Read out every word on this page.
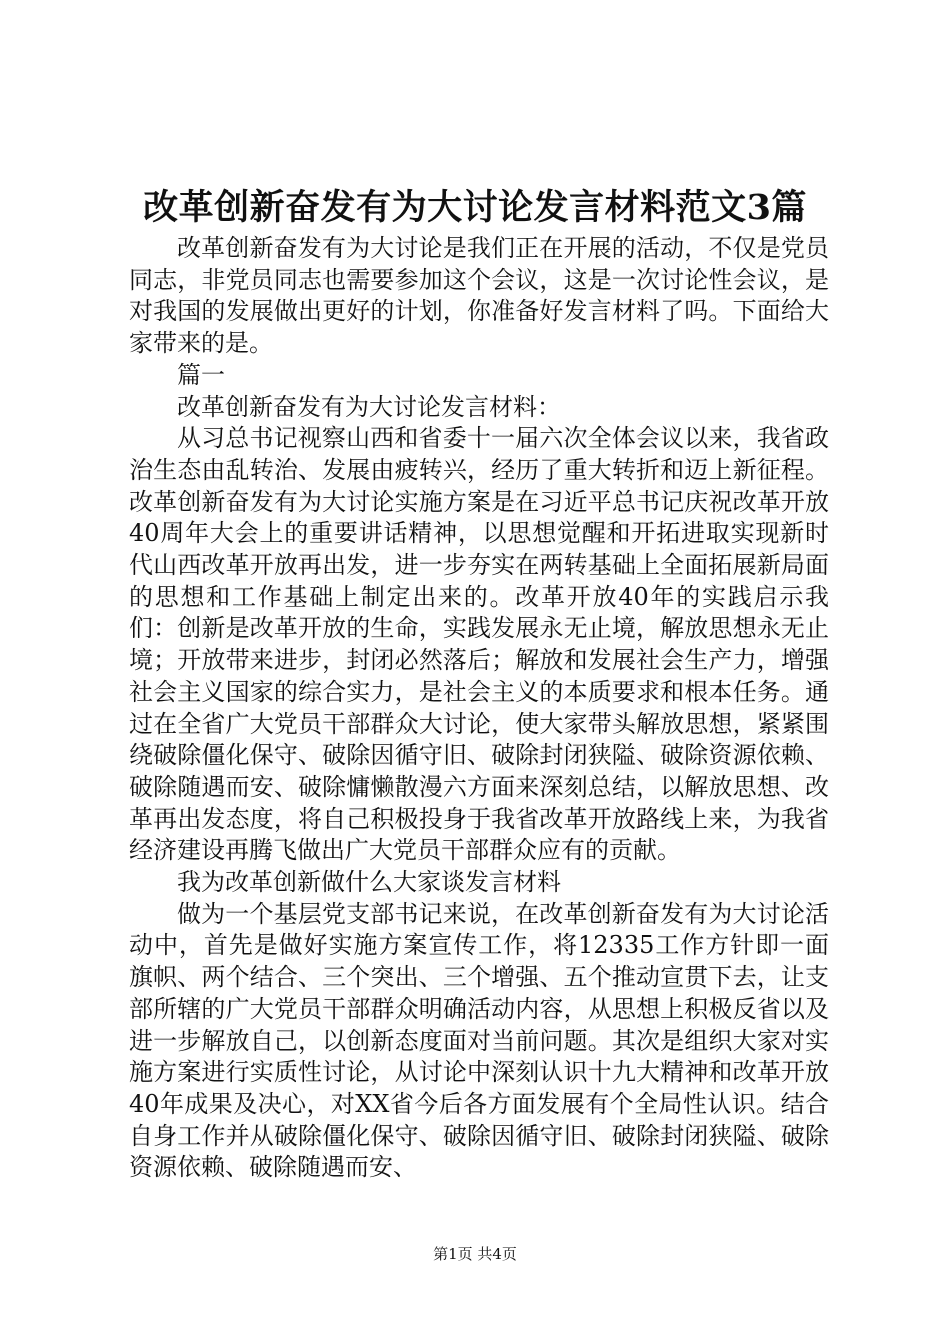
改革创新奋发有为大讨论发言材料范文3篇

改革创新奋发有为大讨论是我们正在开展的活动，不仅是党员同志，非党员同志也需要参加这个会议，这是一次讨论性会议，是对我国的发展做出更好的计划，你准备好发言材料了吗。下面给大家带来的是。

篇一

改革创新奋发有为大讨论发言材料：

从习总书记视察山西和省委十一届六次全体会议以来，我省政治生态由乱转治、发展由疲转兴，经历了重大转折和迈上新征程。改革创新奋发有为大讨论实施方案是在习近平总书记庆祝改革开放40周年大会上的重要讲话精神，以思想觉醒和开拓进取实现新时代山西改革开放再出发，进一步夯实在两转基础上全面拓展新局面的思想和工作基础上制定出来的。改革开放40年的实践启示我们：创新是改革开放的生命，实践发展永无止境，解放思想永无止境；开放带来进步，封闭必然落后；解放和发展社会生产力，增强社会主义国家的综合实力，是社会主义的本质要求和根本任务。通过在全省广大党员干部群众大讨论，使大家带头解放思想，紧紧围绕破除僵化保守、破除因循守旧、破除封闭狭隘、破除资源依赖、破除随遇而安、破除慵懒散漫六方面来深刻总结，以解放思想、改革再出发态度，将自己积极投身于我省改革开放路线上来，为我省经济建设再腾飞做出广大党员干部群众应有的贡献。

我为改革创新做什么大家谈发言材料

做为一个基层党支部书记来说，在改革创新奋发有为大讨论活动中，首先是做好实施方案宣传工作，将12335工作方针即一面旗帜、两个结合、三个突出、三个增强、五个推动宣贯下去，让支部所辖的广大党员干部群众明确活动内容，从思想上积极反省以及进一步解放自己，以创新态度面对当前问题。其次是组织大家对实施方案进行实质性讨论，从讨论中深刻认识十九大精神和改革开放40年成果及决心，对XX省今后各方面发展有个全局性认识。结合自身工作并从破除僵化保守、破除因循守旧、破除封闭狭隘、破除资源依赖、破除随遇而安、

第1页 共4页
